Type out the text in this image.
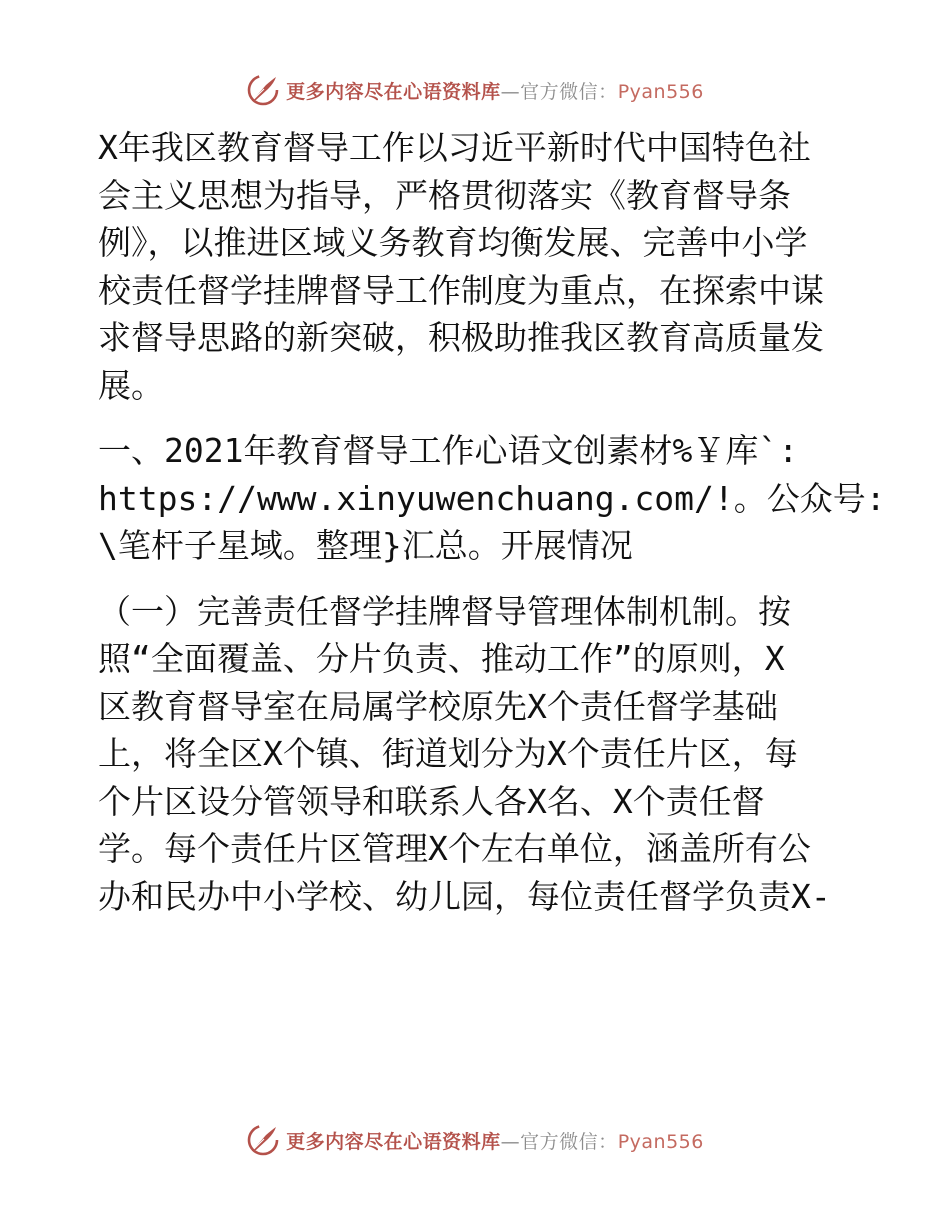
更多内容尽在心语资料库—官方微信：Pyan556

X年我区教育督导工作以习近平新时代中国特色社
会主义思想为指导，严格贯彻落实《教育督导条
例》，以推进区域义务教育均衡发展、完善中小学
校责任督学挂牌督导工作制度为重点，在探索中谋
求督导思路的新突破，积极助推我区教育高质量发
展。

一、2021年教育督导工作心语文创素材%￥库`:
https://www.xinyuwenchuang.com/!。公众号:
\笔杆子星域。整理}汇总。开展情况

（一）完善责任督学挂牌督导管理体制机制。按
照“全面覆盖、分片负责、推动工作”的原则，X
区教育督导室在局属学校原先X个责任督学基础
上，将全区X个镇、街道划分为X个责任片区，每
个片区设分管领导和联系人各X名、X个责任督
学。每个责任片区管理X个左右单位，涵盖所有公
办和民办中小学校、幼儿园，每位责任督学负责X-

更多内容尽在心语资料库—官方微信：Pyan556
